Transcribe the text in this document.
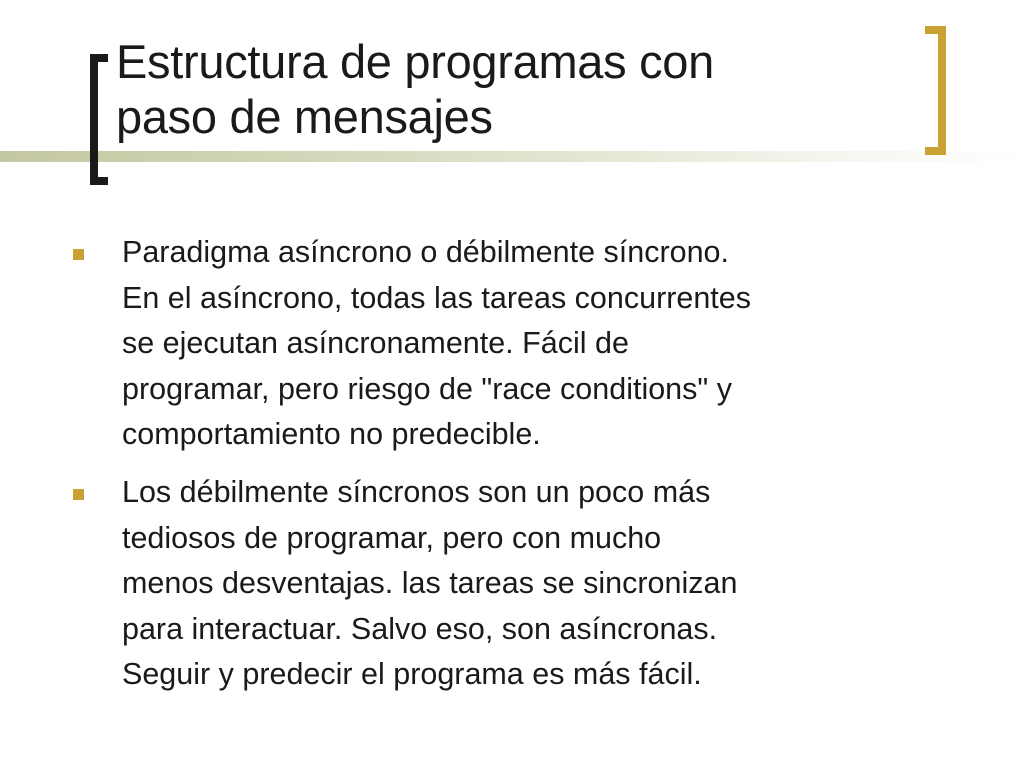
Estructura de programas con
paso de mensajes
Paradigma asíncrono o débilmente síncrono.
En el asíncrono, todas las tareas concurrentes
se ejecutan asíncronamente. Fácil de
programar, pero riesgo de "race conditions" y
comportamiento no predecible.
Los débilmente síncronos son un poco más
tediosos de programar, pero con mucho
menos desventajas. las tareas se sincronizan
para interactuar. Salvo eso, son asíncronas.
Seguir y predecir el programa es más fácil.
